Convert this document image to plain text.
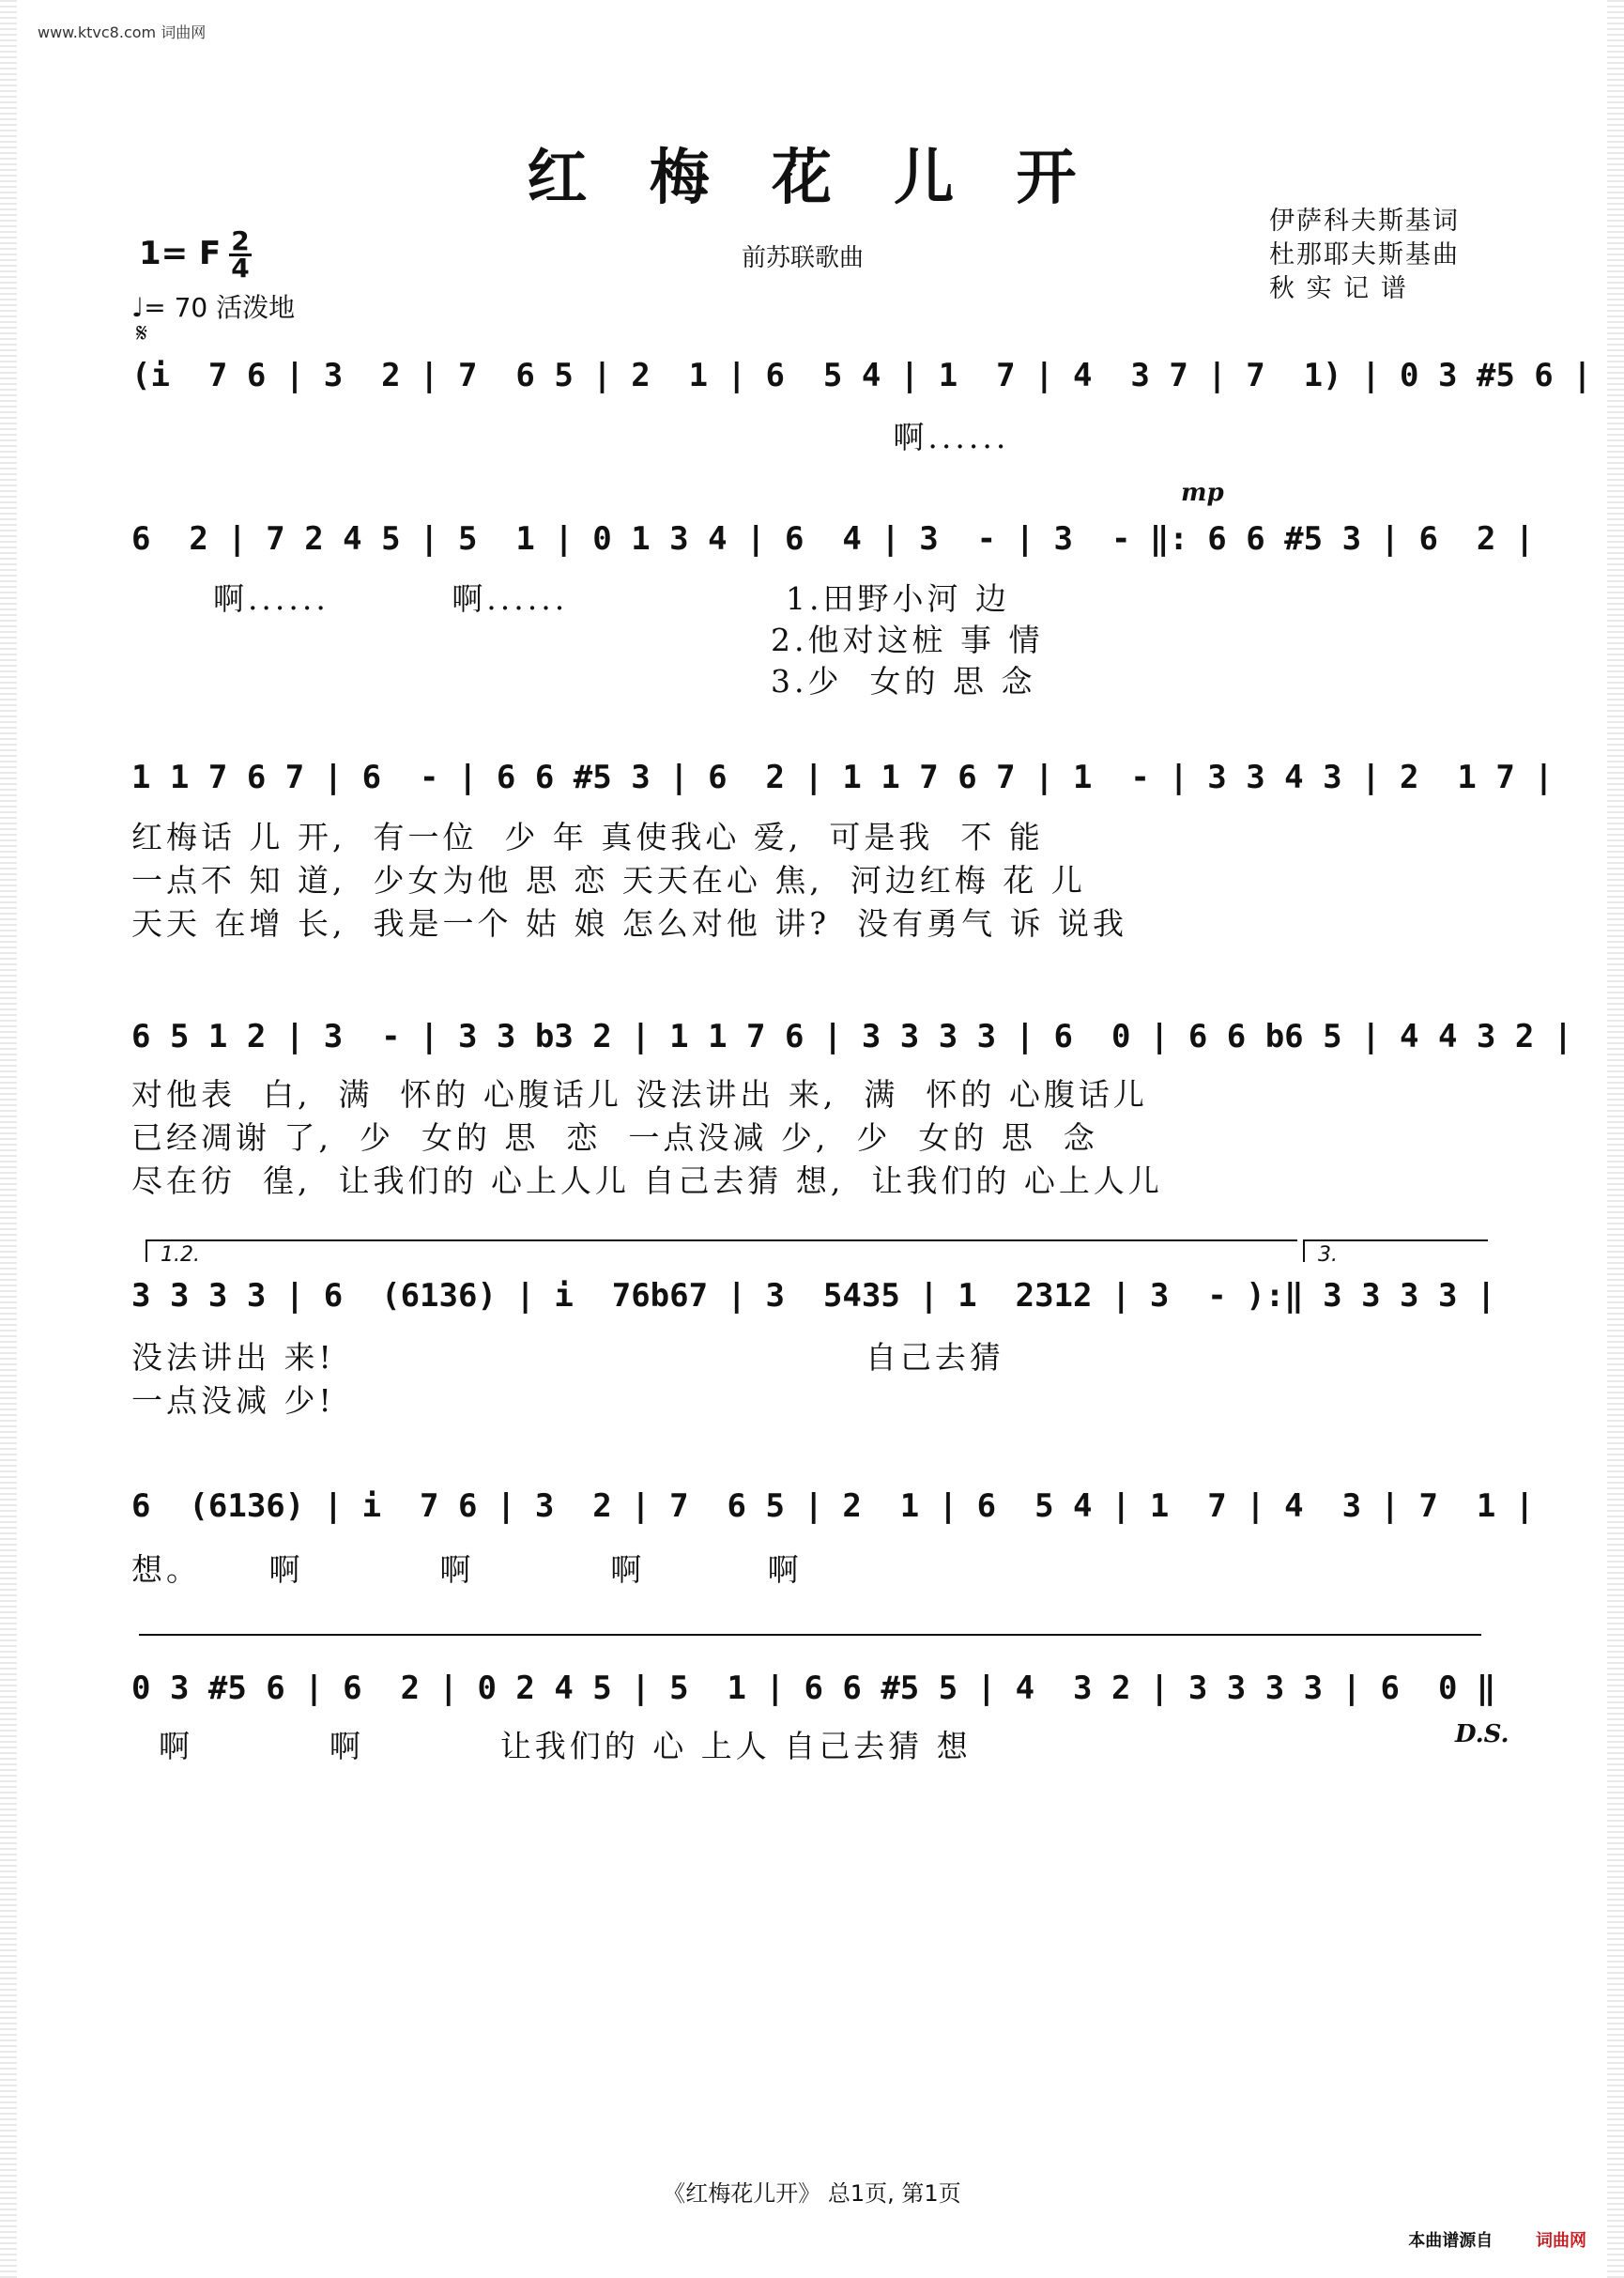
www.ktvc8.com 词曲网
红 梅 花 儿 开
1= F 2
4
♩= 70 活泼地
𝄋
前苏联歌曲
伊萨科夫斯基词
杜那耶夫斯基曲
秋 实 记 谱
(i  7 6 | 3  2 | 7  6 5 | 2  1 | 6  5 4 | 1  7 | 4  3 7 | 7  1) | 0 3 #5 6 |
啊......
mp
6  2 | 7 2 4 5 | 5  1 | 0 1 3 4 | 6  4 | 3  - | 3  - ‖: 6 6 #5 3 | 6  2 |
啊......         啊......                1.田野小河 边
2.他对这桩 事 情
3.少  女的 思 念
1 1 7 6 7 | 6  - | 6 6 #5 3 | 6  2 | 1 1 7 6 7 | 1  - | 3 3 4 3 | 2  1 7 |
红梅话 儿 开,  有一位  少 年 真使我心 爱,  可是我  不 能
一点不 知 道,  少女为他 思 恋 天天在心 焦,  河边红梅 花 儿
天天 在增 长,  我是一个 姑 娘 怎么对他 讲?  没有勇气 诉 说我
6 5 1 2 | 3  - | 3 3 b3 2 | 1 1 7 6 | 3 3 3 3 | 6  0 | 6 6 b6 5 | 4 4 3 2 |
对他表  白,  满  怀的 心腹话儿 没法讲出 来,  满  怀的 心腹话儿
已经凋谢 了,  少  女的 思  恋  一点没减 少,  少  女的 思  念
尽在彷  徨,  让我们的 心上人儿 自己去猜 想,  让我们的 心上人儿
1.2.	3.
3 3 3 3 | 6  (6136) | i  76b67 | 3  5435 | 1  2312 | 3  - ):‖ 3 3 3 3 |
没法讲出 来!                                       自己去猜
一点没减 少!
6  (6136) | i  7 6 | 3  2 | 7  6 5 | 2  1 | 6  5 4 | 1  7 | 4  3 | 7  1 |
想。     啊          啊          啊         啊
0 3 #5 6 | 6  2 | 0 2 4 5 | 5  1 | 6 6 #5 5 | 4  3 2 | 3 3 3 3 | 6  0 ‖
啊          啊          让我们的 心 上人 自己去猜 想	D.S.
《红梅花儿开》 总1页, 第1页
本曲谱源自	词曲网
